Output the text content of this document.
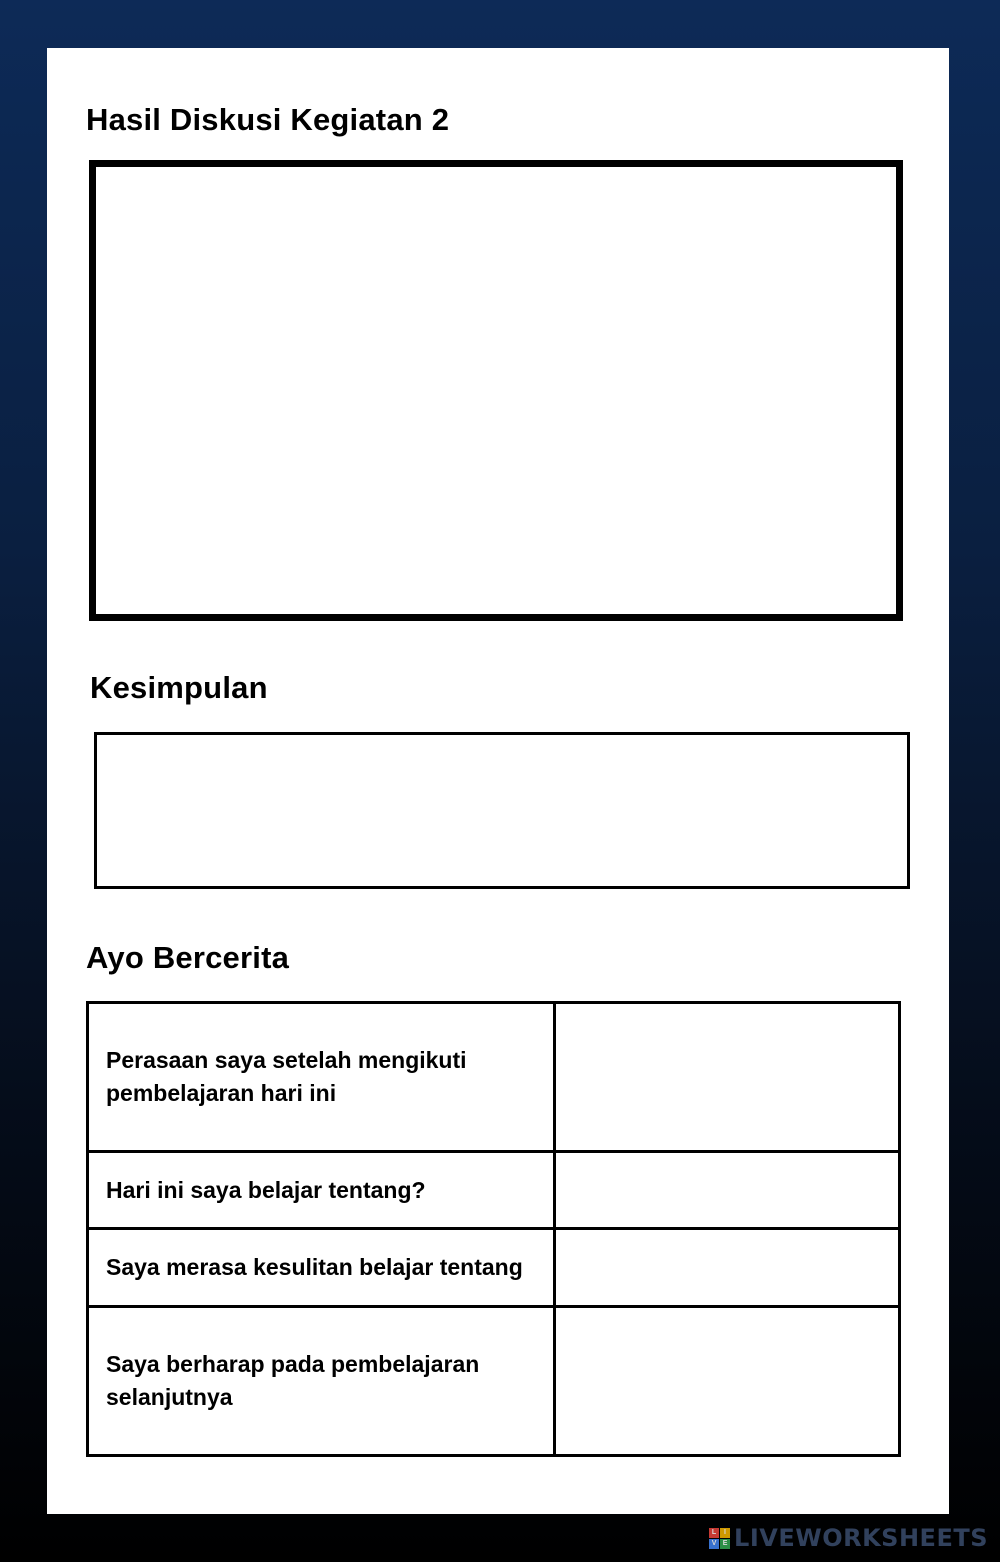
Hasil Diskusi Kegiatan 2
Kesimpulan
Ayo Bercerita
Perasaan saya setelah mengikuti pembelajaran hari ini	
Hari ini saya belajar tentang?	
Saya merasa kesulitan belajar tentang	
Saya berharap pada pembelajaran selanjutnya	
L	I
V E LIVEWORKSHEETS
